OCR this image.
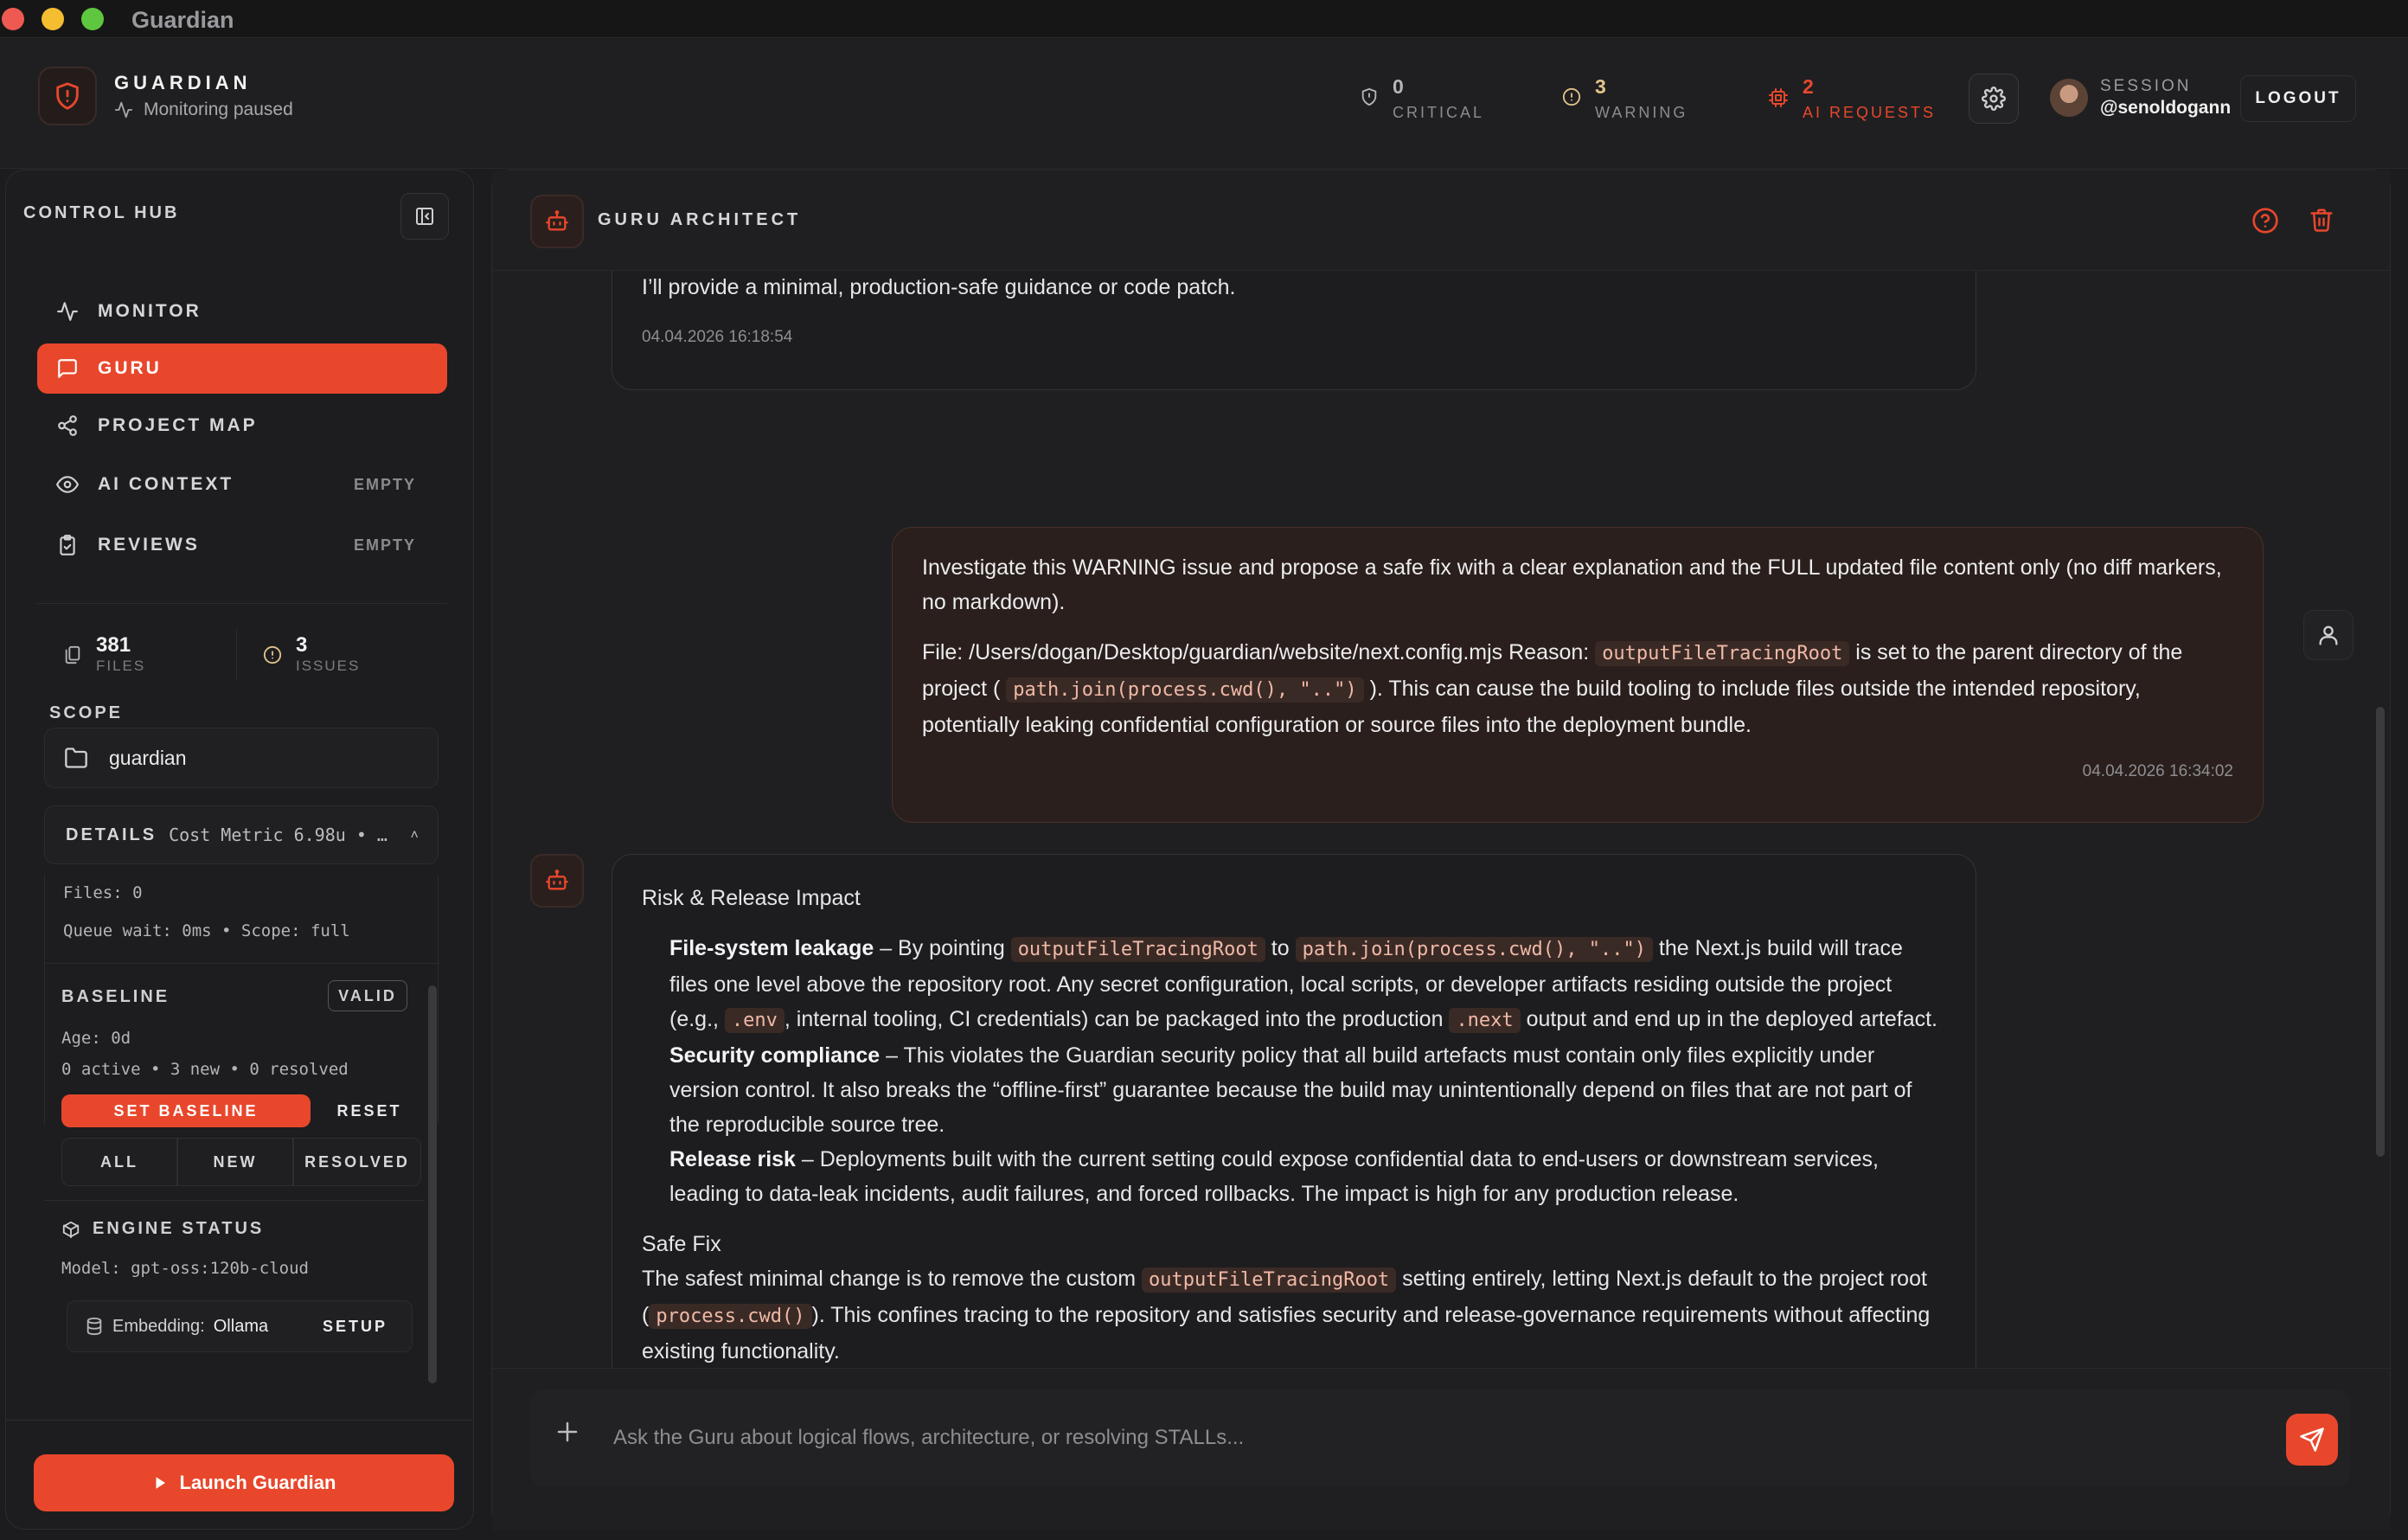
Guardian
GUARDIAN
Monitoring paused
0
CRITICAL
3
WARNING
2
AI REQUESTS
SESSION
@senoldogann	LOGOUT
CONTROL HUB
MONITOR
GURU
PROJECT MAP
AI CONTEXT	EMPTY
REVIEWS	EMPTY
381
FILES
3
ISSUES
SCOPE
guardian
DETAILS Cost Metric 6.98u • … ˄
Files: 0
Queue wait: 0ms • Scope: full
BASELINE	VALID
Age: 0d
0 active • 3 new • 0 resolved
SET BASELINE	RESET
ALL	NEW	RESOLVED
ENGINE STATUS
Model: gpt-oss:120b-cloud
Embedding: Ollama	SETUP
Launch Guardian
GURU ARCHITECT
I’ll provide a minimal, production-safe guidance or code patch.
04.04.2026 16:18:54
Investigate this WARNING issue and propose a safe fix with a clear explanation and the FULL updated file content only (no diff markers, no markdown).
File: /Users/dogan/Desktop/guardian/website/next.config.mjs Reason: outputFileTracingRoot is set to the parent directory of the project ( path.join(process.cwd(), "..") ). This can cause the build tooling to include files outside the intended repository, potentially leaking confidential configuration or source files into the deployment bundle.
04.04.2026 16:34:02
Risk & Release Impact
File-system leakage – By pointing outputFileTracingRoot to path.join(process.cwd(), "..") the Next.js build will trace files one level above the repository root. Any secret configuration, local scripts, or developer artifacts residing outside the project (e.g., .env , internal tooling, CI credentials) can be packaged into the production .next output and end up in the deployed artefact.
Security compliance – This violates the Guardian security policy that all build artefacts must contain only files explicitly under version control. It also breaks the “offline-first” guarantee because the build may unintentionally depend on files that are not part of the reproducible source tree.
Release risk – Deployments built with the current setting could expose confidential data to end-users or downstream services, leading to data-leak incidents, audit failures, and forced rollbacks. The impact is high for any production release.
Safe Fix
The safest minimal change is to remove the custom outputFileTracingRoot setting entirely, letting Next.js default to the project root ( process.cwd() ). This confines tracing to the repository and satisfies security and release-governance requirements without affecting existing functionality.
Ask the Guru about logical flows, architecture, or resolving STALLs...
